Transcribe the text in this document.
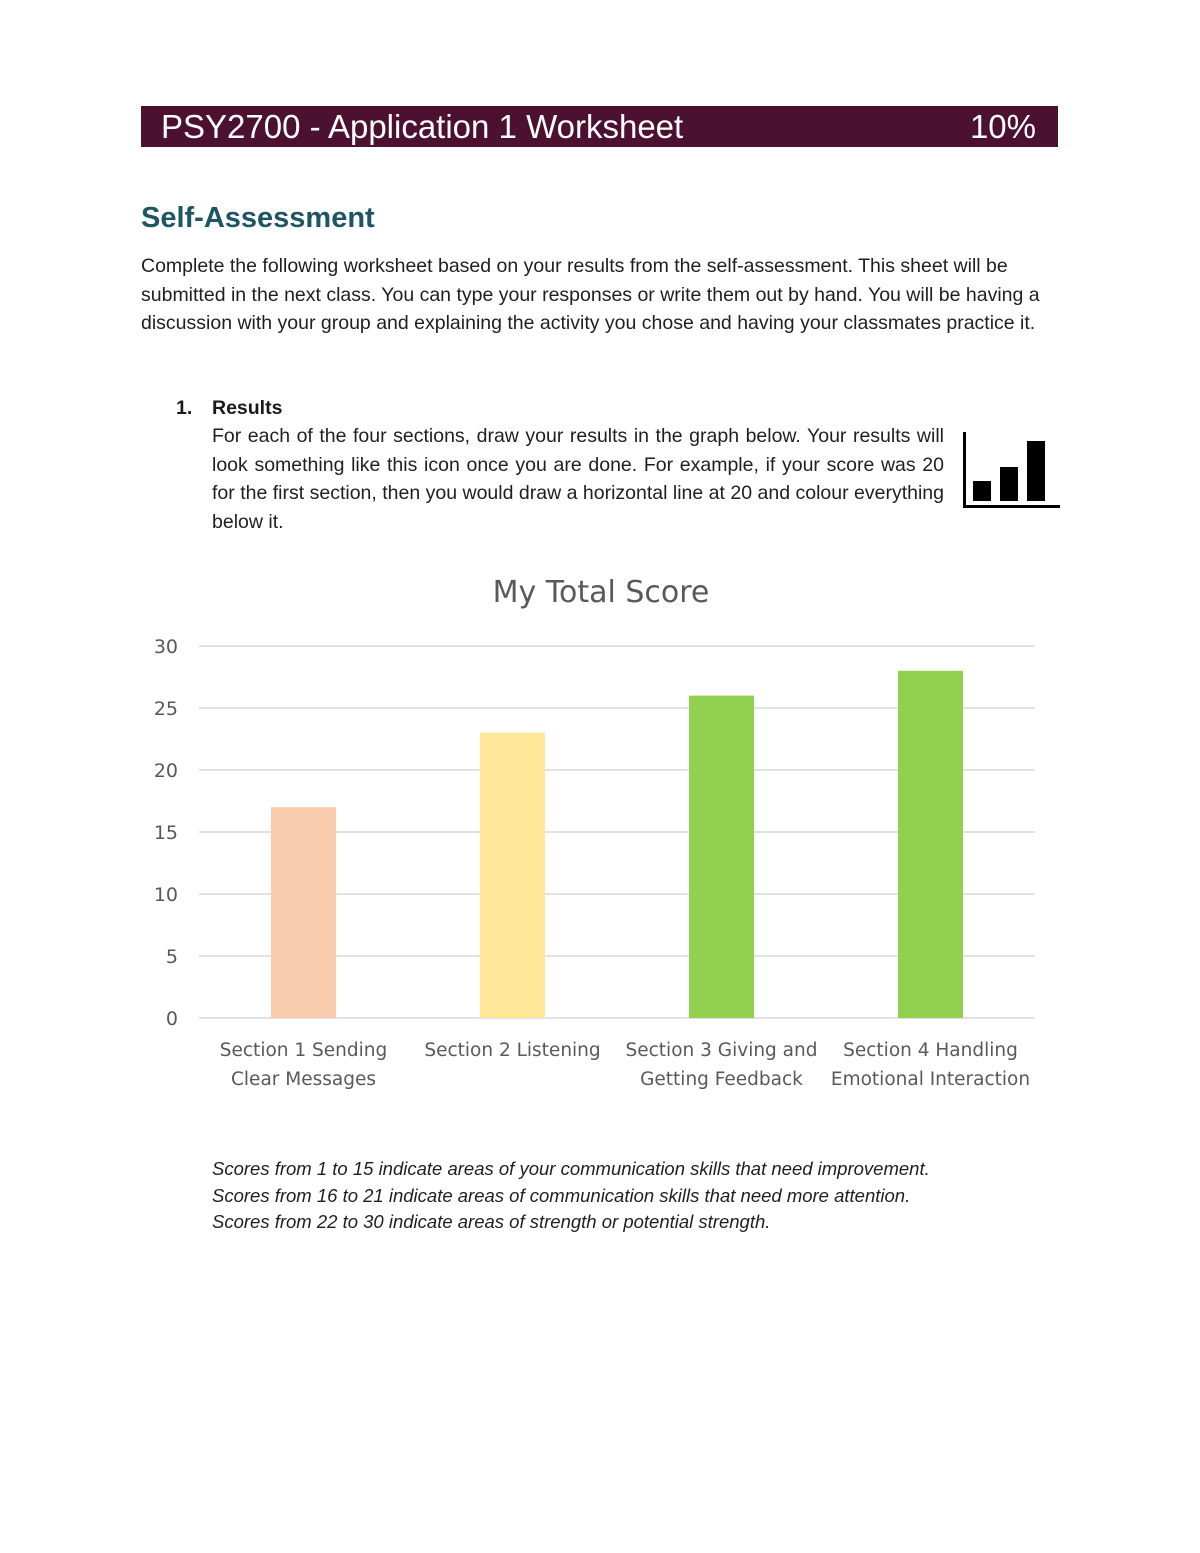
PSY2700 - Application 1 Worksheet	10%
Self-Assessment
Complete the following worksheet based on your results from the self-assessment. This sheet will be submitted in the next class. You can type your responses or write them out by hand. You will be having a discussion with your group and explaining the activity you chose and having your classmates practice it.
1. Results
For each of the four sections, draw your results in the graph below. Your results will look something like this icon once you are done. For example, if your score was 20 for the first section, then you would draw a horizontal line at 20 and colour everything below it.
My Total Score
0
5
10
15
20
25
30
Section 1 Sending
Clear Messages
Section 2 Listening Section 3 Giving and
Getting Feedback
Section 4 Handling
Emotional Interaction
Scores from 1 to 15 indicate areas of your communication skills that need improvement.
Scores from 16 to 21 indicate areas of communication skills that need more attention.
Scores from 22 to 30 indicate areas of strength or potential strength.
